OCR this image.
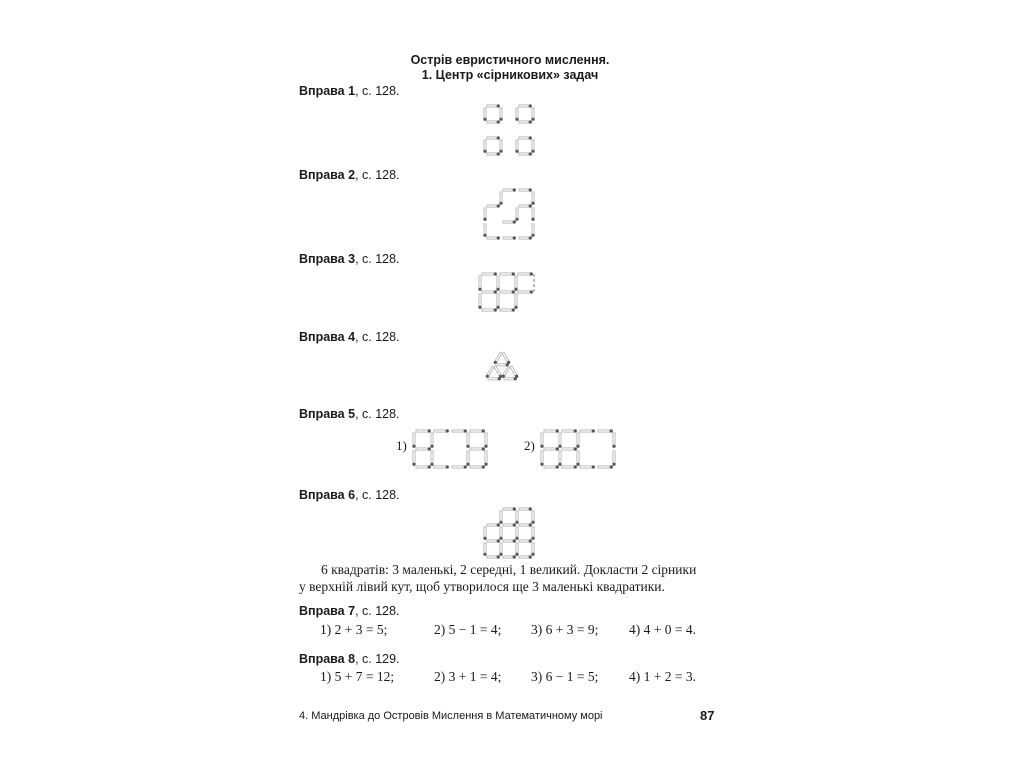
Острів евристичного мислення.
1. Центр «сірникових» задач
Вправа 1, с. 128.
Вправа 2, с. 128.
Вправа 3, с. 128.
Вправа 4, с. 128.
Вправа 5, с. 128.
1)	2)
Вправа 6, с. 128.
6 квадратів: 3 маленькі, 2 середні, 1 великий. Докласти 2 сірники
у верхній лівий кут, щоб утворилося ще 3 маленькі квадратики.
Вправа 7, с. 128.
1) 2 + 3 = 5;	2) 5 − 1 = 4; 3) 6 + 3 = 9; 4) 4 + 0 = 4.
Вправа 8, с. 129.
1) 5 + 7 = 12;	2) 3 + 1 = 4; 3) 6 − 1 = 5; 4) 1 + 2 = 3.
4. Мандрівка до Островів Мислення в Математичному морі	87
